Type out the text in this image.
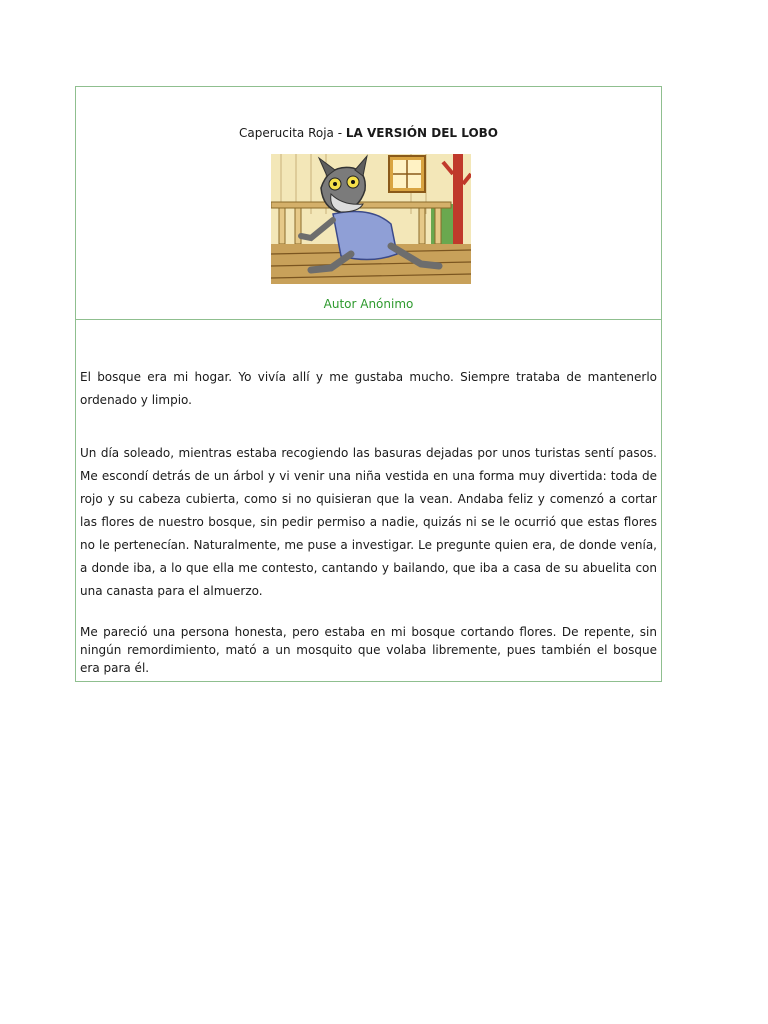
Caperucita Roja - LA VERSIÓN DEL LOBO
Autor Anónimo

El bosque era mi hogar. Yo vivía allí y me gustaba mucho. Siempre trataba de mantenerlo ordenado y limpio.

Un día soleado, mientras estaba recogiendo las basuras dejadas por unos turistas sentí pasos. Me escondí detrás de un árbol y vi venir una niña vestida en una forma muy divertida: toda de rojo y su cabeza cubierta, como si no quisieran que la vean. Andaba feliz y comenzó a cortar las flores de nuestro bosque, sin pedir permiso a nadie, quizás ni se le ocurrió que estas flores no le pertenecían. Naturalmente, me puse a investigar. Le pregunte quien era, de donde venía, a donde iba, a lo que ella me contesto, cantando y bailando, que iba a casa de su abuelita con una canasta para el almuerzo.

Me pareció una persona honesta, pero estaba en mi bosque cortando flores. De repente, sin ningún remordimiento, mató a un mosquito que volaba libremente, pues también el bosque era para él.
